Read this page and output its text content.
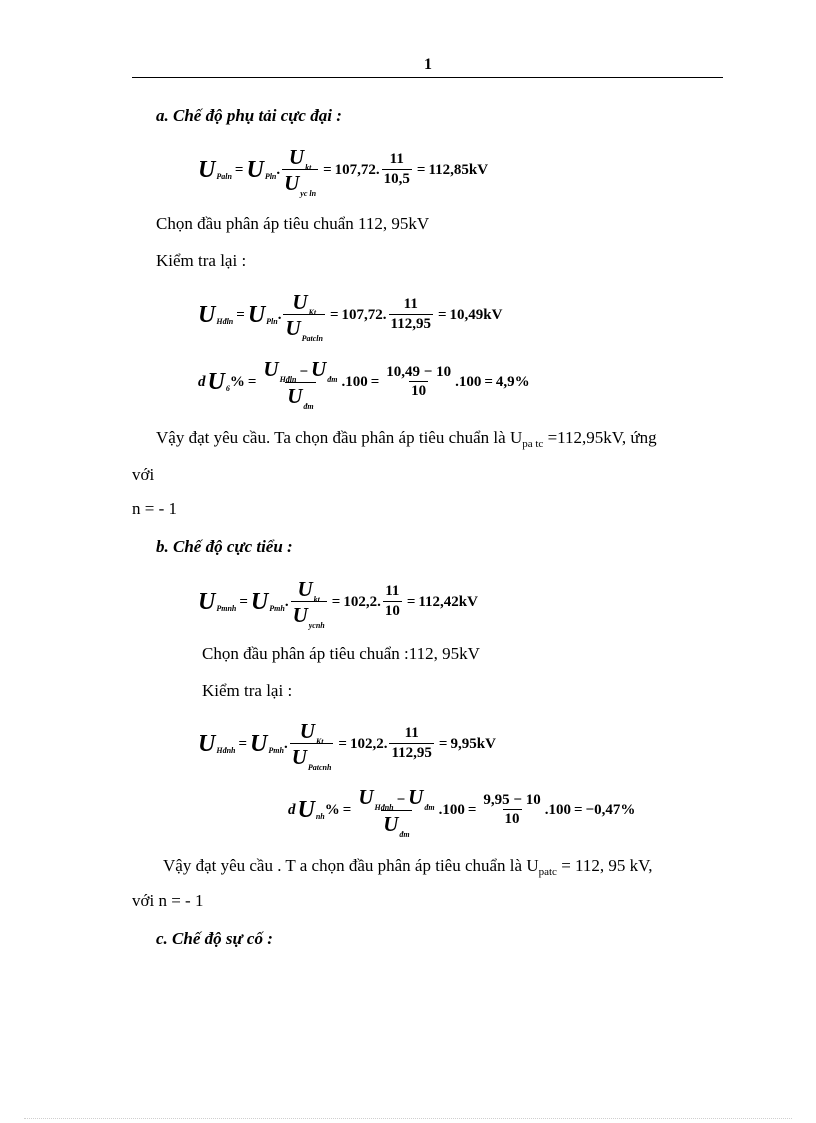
1
a. Chế độ phụ tải cực đại :
U Paln = U Pln . $\frac{\text{U kt}}{\text{U yc ln}} = 107,72$. $\frac{11}{10,5} = 112,85kV$
Chọn đầu phân áp tiêu chuẩn 112, 95kV
Kiểm tra lại :
U Hđln = U Pln . $\frac{\text{U Kt}}{\text{U Patcln}} = 107,72$. $\frac{11}{112,95} = 10,49kV$
d U 6 % = $\frac{\text{U Hđln − U đm}}{\text{U đm}} .100 = \frac{10,49 - 10}{10} .100 = 4,9\%$
Vậy đạt yêu cầu. Ta chọn đầu phân áp tiêu chuẩn là $U_{pa tc} =112,95kV$, ứng
với
n = - 1
b. Chế độ cực tiểu :
U Pmnh = U Pmh . $\frac{\text{U kt}}{\text{U ycnh}} = 102,2$. $\frac{11}{10} = 112,42kV$
Chọn đầu phân áp tiêu chuẩn :112, 95kV
Kiểm tra lại :
U Hđnh = U Pmh . $\frac{\text{U Kt}}{\text{U Patcnh}} = 102,2$. $\frac{11}{112,95} = 9,95kV$
d U nh % = $\frac{\text{U Hđnh − U đm}}{\text{U đm}} .100 = \frac{9,95 - 10}{10} .100 = -0,47\%$
Vậy đạt yêu cầu . T a chọn đầu phân áp tiêu chuẩn là $U_{patc} = 112$, 95 kV,
với n = - 1
c. Chế độ sự cố :
